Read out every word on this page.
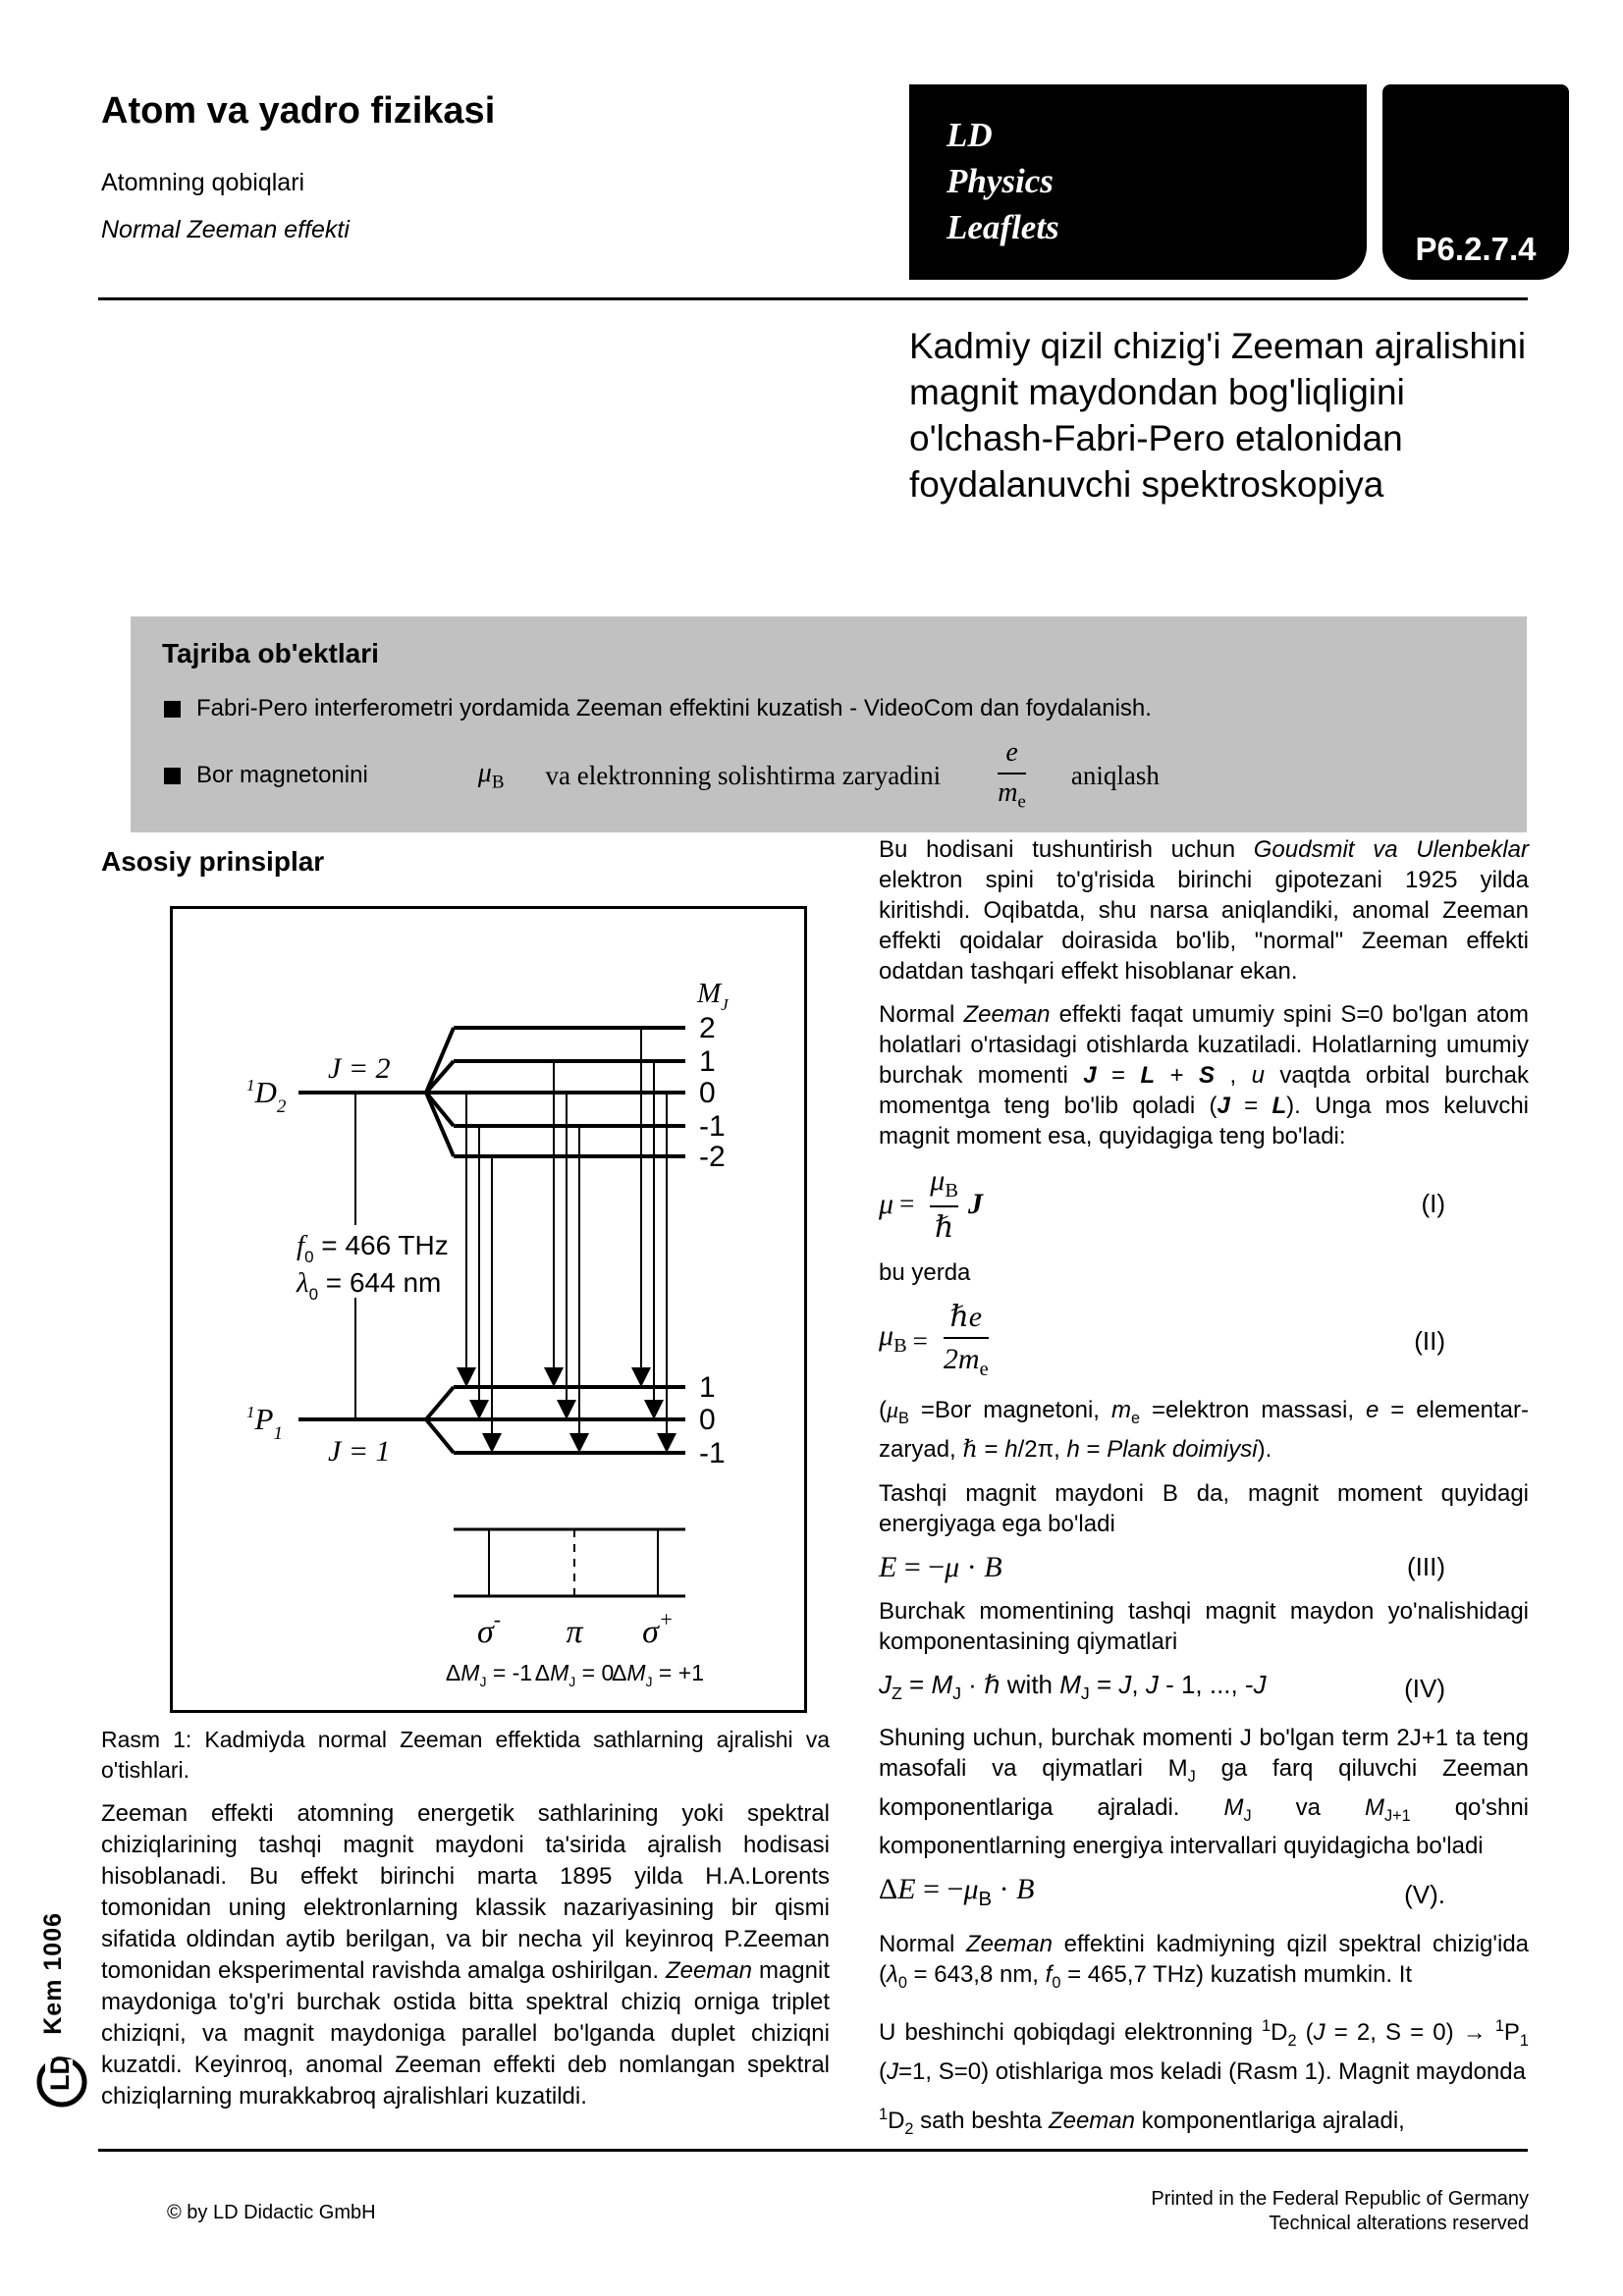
Atom va yadro fizikasi
Atomning qobiqlari
Normal Zeeman effekti
LD
Physics
Leaflets
P6.2.7.4
Kadmiy qizil chizig'i Zeeman ajralishini magnit maydondan bog'liqligini o'lchash-Fabri-Pero etalonidan foydalanuvchi spektroskopiya
Tajriba ob'ektlari
Fabri-Pero interferometri yordamida Zeeman effektini kuzatish - VideoCom dan foydalanish.
Bor magnetonini	$\mu_B$ va elektronning solishtirma zaryadini $\frac{e}{m_e}$ aniqlash
Asosiy prinsiplar
$M_J$
$^1D_2$
J = 2
$^1P_1$
J = 1
$f_0 = 466$ THz
$\lambda_0 = 644$ nm
2
1
0
-1
-2
1
0
-1
σ- π σ+
$\Delta M_J = -1$ $\Delta M_J = 0$
$\Delta M_J = +1$
Rasm 1: Kadmiyda normal Zeeman effektida sathlarning ajralishi va o'tishlari.
Zeeman effekti atomning energetik sathlarining yoki spektral chiziqlarining tashqi magnit maydoni ta'sirida ajralish hodisasi hisoblanadi. Bu effekt birinchi marta 1895 yilda H.A.Lorents tomonidan uning elektronlarning klassik nazariyasining bir qismi sifatida oldindan aytib berilgan, va bir necha yil keyinroq P.Zeeman tomonidan eksperimental ravishda amalga oshirilgan. Zeeman magnit maydoniga to'g'ri burchak ostida bitta spektral chiziq orniga triplet chiziqni, va magnit maydoniga parallel bo'lganda duplet chiziqni kuzatdi. Keyinroq, anomal Zeeman effekti deb nomlangan spektral chiziqlarning murakkabroq ajralishlari kuzatildi.

Bu hodisani tushuntirish uchun Goudsmit va Ulenbeklar elektron spini to'g'risida birinchi gipotezani 1925 yilda kiritishdi. Oqibatda, shu narsa aniqlandiki, anomal Zeeman effekti qoidalar doirasida bo'lib, "normal" Zeeman effekti odatdan tashqari effekt hisoblanar ekan.

Normal Zeeman effekti faqat umumiy spini S=0 bo'lgan atom holatlari o'rtasidagi otishlarda kuzatiladi. Holatlarning umumiy burchak momenti J = L + S , u vaqtda orbital burchak momentga teng bo'lib qoladi (J = L). Unga mos keluvchi magnit moment esa, quyidagiga teng bo'ladi:

$\mu = \frac{\mu_B}{\text{ℏ}}$ J	(I)

bu yerda

$\mu_B = \frac{\text{ℏe}}{2m_e}$	(II)

($\mu_B =Bor$ magnetoni, $m_e$ =elektron massasi, e = elementar-zaryad, ℏ = h/2π, h = Plank doimiysi).

Tashqi magnit maydoni B da, magnit moment quyidagi energiyaga ega bo'ladi

E = −μ · B	(III)

Burchak momentining tashqi magnit maydon yo'nalishidagi komponentasining qiymatlari

$J_Z = M_J$ · ℏ with $M_J = J$, J - 1, ..., -J	(IV)

Shuning uchun, burchak momenti J bo'lgan term 2J+1 ta teng masofali va qiymatlari $M_J$ ga farq qiluvchi Zeeman komponentlariga ajraladi. $M_J$ va $M_{J+1}$ qo'shni komponentlarning energiya intervallari quyidagicha bo'ladi

$\Delta E = -\mu_B \cdot B$	(V).

Normal Zeeman effektini kadmiyning qizil spektral chizig'ida ($\lambda_0 = 643,8$ nm, $f_0 = 465,7$ THz) kuzatish mumkin. It

U beshinchi qobiqdagi elektronning $^1D_2$ (J = 2, $S = 0) \to ^1P_1$ (J=1, S=0) otishlariga mos keladi (Rasm 1). Magnit maydonda

$^1D_2$ sath beshta Zeeman komponentlariga ajraladi,

Kem 1006
LD
© by LD Didactic GmbH
Printed in the Federal Republic of Germany
Technical alterations reserved
